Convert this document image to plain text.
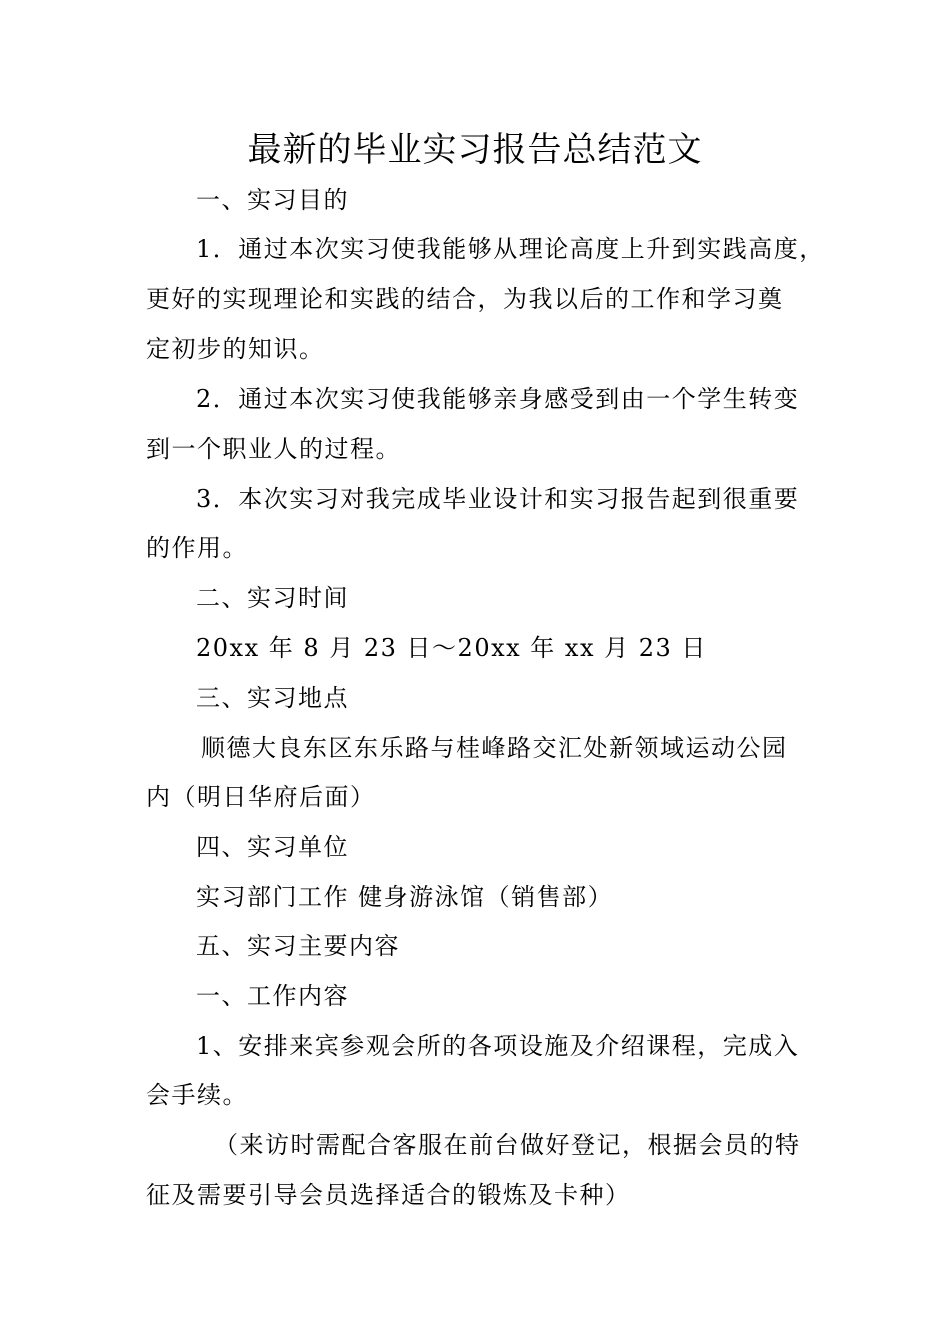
最新的毕业实习报告总结范文
一、实习目的
1．通过本次实习使我能够从理论高度上升到实践高度，
更好的实现理论和实践的结合，为我以后的工作和学习奠
定初步的知识。
2．通过本次实习使我能够亲身感受到由一个学生转变
到一个职业人的过程。
3．本次实习对我完成毕业设计和实习报告起到很重要
的作用。
二、实习时间
20xx 年 8 月 23 日～20xx 年 xx 月 23 日
三、实习地点
顺德大良东区东乐路与桂峰路交汇处新领域运动公园
内（明日华府后面）
四、实习单位
实习部门工作 健身游泳馆（销售部）
五、实习主要内容
一、工作内容
1、安排来宾参观会所的各项设施及介绍课程，完成入
会手续。
（来访时需配合客服在前台做好登记，根据会员的特
征及需要引导会员选择适合的锻炼及卡种）
